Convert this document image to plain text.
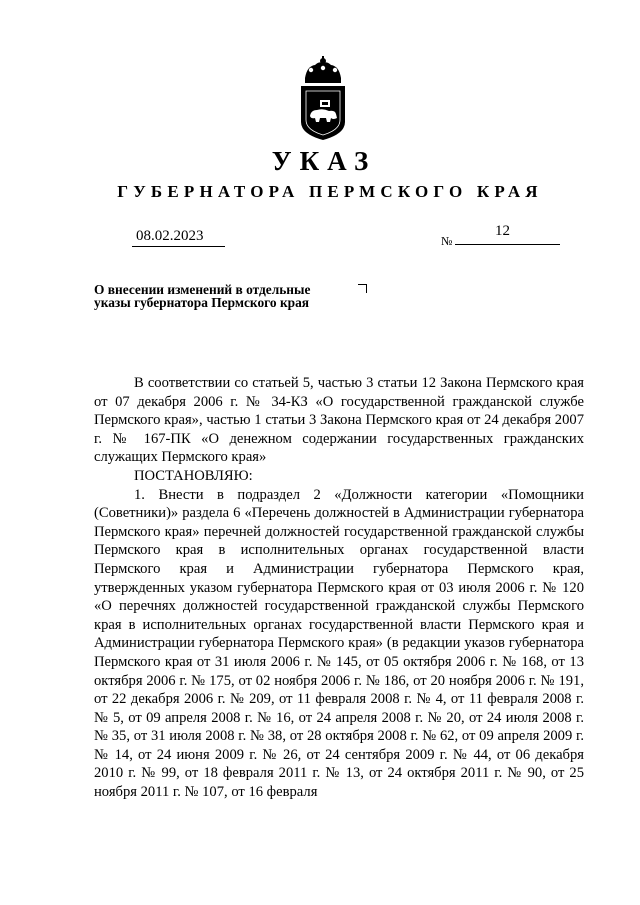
УКАЗ
ГУБЕРНАТОРА ПЕРМСКОГО КРАЯ
08.02.2023	№
12
О внесении изменений в отдельные
указы губернатора Пермского края

В соответствии со статьей 5, частью 3 статьи 12 Закона Пермского края от 07 декабря 2006 г. № 34-КЗ «О государственной гражданской службе Пермского края», частью 1 статьи 3 Закона Пермского края от 24 декабря 2007 г. № 167-ПК «О денежном содержании государственных гражданских служащих Пермского края»

ПОСТАНОВЛЯЮ:

1. Внести в подраздел 2 «Должности категории «Помощники (Советники)» раздела 6 «Перечень должностей в Администрации губернатора Пермского края» перечней должностей государственной гражданской службы Пермского края в исполнительных органах государственной власти Пермского края и Администрации губернатора Пермского края, утвержденных указом губернатора Пермского края от 03 июля 2006 г. № 120 «О перечнях должностей государственной гражданской службы Пермского края в исполнительных органах государственной власти Пермского края и Администрации губернатора Пермского края» (в редакции указов губернатора Пермского края от 31 июля 2006 г. № 145, от 05 октября 2006 г. № 168, от 13 октября 2006 г. № 175, от 02 ноября 2006 г. № 186, от 20 ноября 2006 г. № 191, от 22 декабря 2006 г. № 209, от 11 февраля 2008 г. № 4, от 11 февраля 2008 г. № 5, от 09 апреля 2008 г. № 16, от 24 апреля 2008 г. № 20, от 24 июля 2008 г. № 35, от 31 июля 2008 г. № 38, от 28 октября 2008 г. № 62, от 09 апреля 2009 г. № 14, от 24 июня 2009 г. № 26, от 24 сентября 2009 г. № 44, от 06 декабря 2010 г. № 99, от 18 февраля 2011 г. № 13, от 24 октября 2011 г. № 90, от 25 ноября 2011 г. № 107, от 16 февраля
